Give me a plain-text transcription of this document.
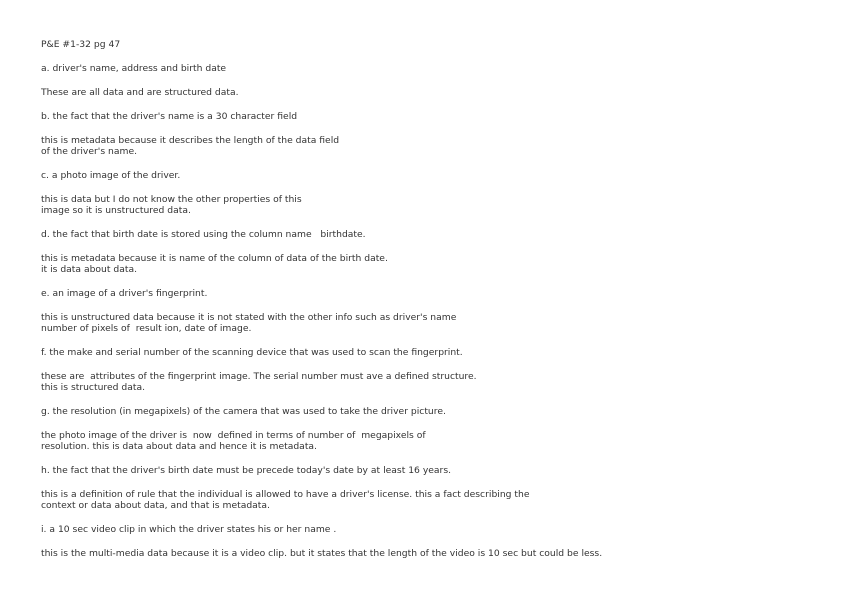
P&E #1-32 pg 47

a. driver's name, address and birth date

These are all data and are structured data.

b. the fact that the driver's name is a 30 character field

this is metadata because it describes the length of the data field
of the driver's name.

c. a photo image of the driver.

this is data but I do not know the other properties of this
image so it is unstructured data.

d. the fact that birth date is stored using the column name   birthdate.

this is metadata because it is name of the column of data of the birth date.
it is data about data.

e. an image of a driver's fingerprint.

this is unstructured data because it is not stated with the other info such as driver's name
number of pixels of  result ion, date of image.

f. the make and serial number of the scanning device that was used to scan the fingerprint.

these are  attributes of the fingerprint image. The serial number must ave a defined structure.
this is structured data.

g. the resolution (in megapixels) of the camera that was used to take the driver picture.

the photo image of the driver is  now  defined in terms of number of  megapixels of
resolution. this is data about data and hence it is metadata.

h. the fact that the driver's birth date must be precede today's date by at least 16 years.

this is a definition of rule that the individual is allowed to have a driver's license. this a fact describing the
context or data about data, and that is metadata.

i. a 10 sec video clip in which the driver states his or her name .

this is the multi-media data because it is a video clip. but it states that the length of the video is 10 sec but could be less.
